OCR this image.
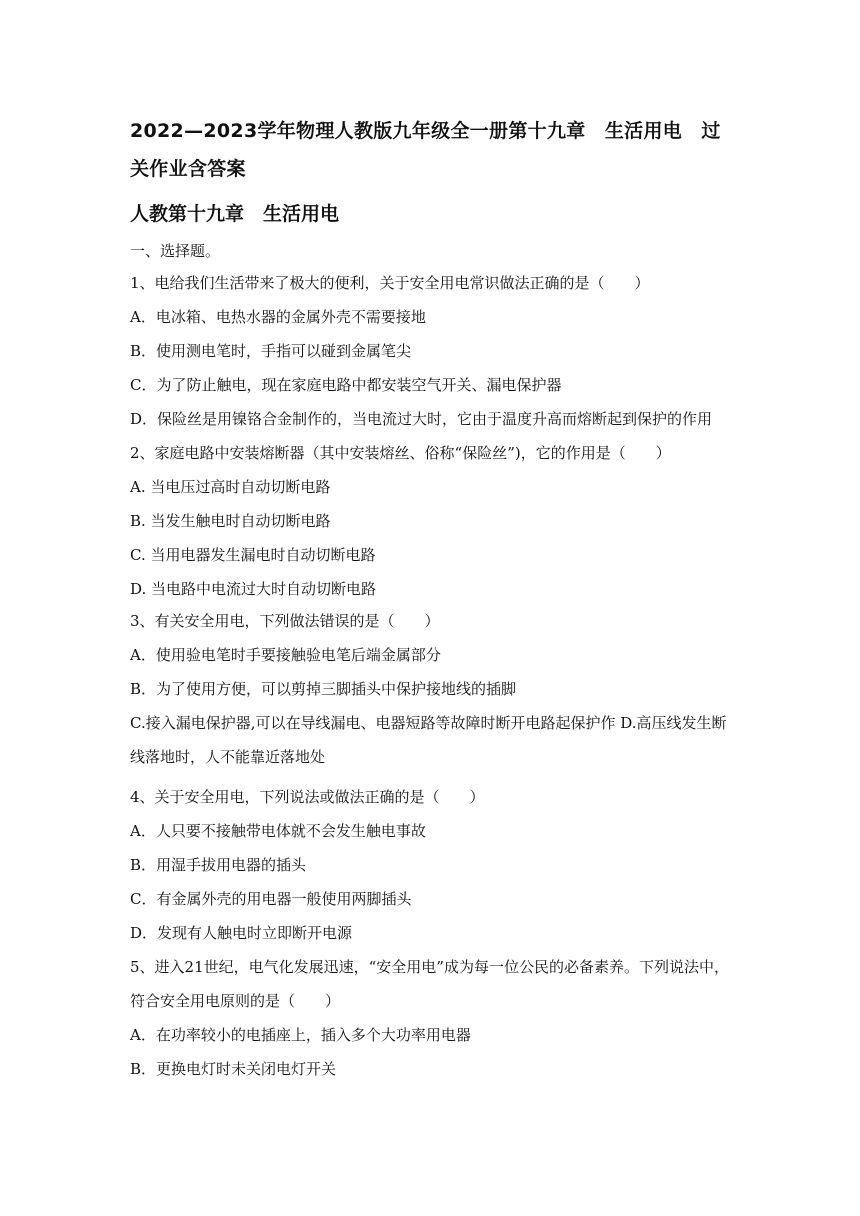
2022—2023学年物理人教版九年级全一册第十九章　生活用电　过关作业含答案
人教第十九章　生活用电

一、选择题。

1、电给我们生活带来了极大的便利，关于安全用电常识做法正确的是（　　）

A．电冰箱、电热水器的金属外壳不需要接地

B．使用测电笔时，手指可以碰到金属笔尖

C．为了防止触电，现在家庭电路中都安装空气开关、漏电保护器

D．保险丝是用镍铬合金制作的，当电流过大时，它由于温度升高而熔断起到保护的作用

2、家庭电路中安装熔断器（其中安装熔丝、俗称“保险丝”)，它的作用是（　　）

A. 当电压过高时自动切断电路

B. 当发生触电时自动切断电路

C. 当用电器发生漏电时自动切断电路

D. 当电路中电流过大时自动切断电路

3、有关安全用电，下列做法错误的是（　　）

A．使用验电笔时手要接触验电笔后端金属部分

B．为了使用方便，可以剪掉三脚插头中保护接地线的插脚

C.接入漏电保护器,可以在导线漏电、电器短路等故障时断开电路起保护作 D.高压线发生断线落地时，人不能靠近落地处

4、关于安全用电，下列说法或做法正确的是（　　）

A．人只要不接触带电体就不会发生触电事故

B．用湿手拔用电器的插头

C．有金属外壳的用电器一般使用两脚插头

D．发现有人触电时立即断开电源

5、进入21世纪，电气化发展迅速，“安全用电”成为每一位公民的必备素养。下列说法中，符合安全用电原则的是（　　）

A．在功率较小的电插座上，插入多个大功率用电器

B．更换电灯时未关闭电灯开关
